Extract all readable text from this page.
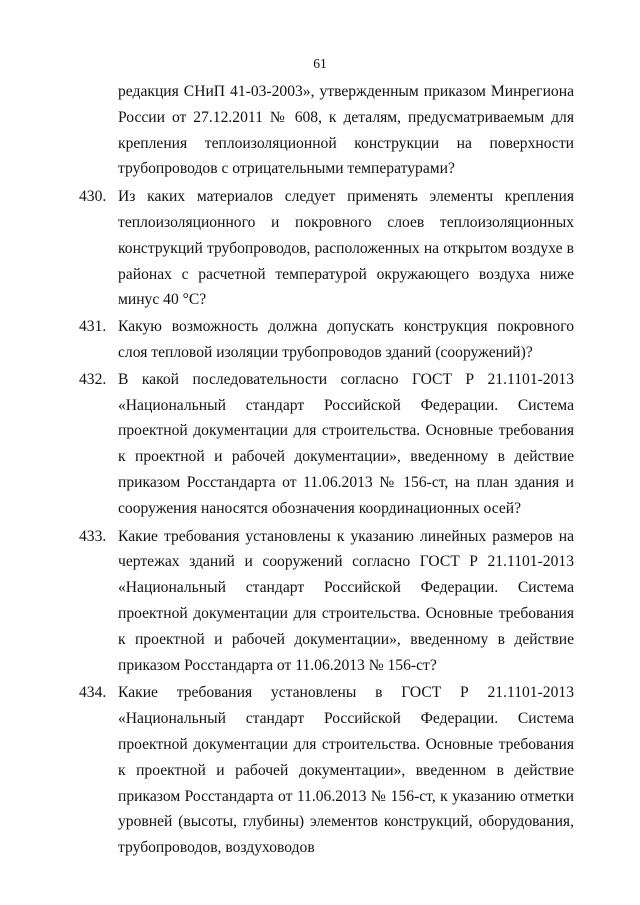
61

редакция СНиП 41-03-2003», утвержденным приказом Минрегиона России от 27.12.2011 № 608, к деталям, предусматриваемым для крепления теплоизоляционной конструкции на поверхности трубопроводов с отрицательными температурами?

430. Из каких материалов следует применять элементы крепления теплоизоляционного и покровного слоев теплоизоляционных конструкций трубопроводов, расположенных на открытом воздухе в районах с расчетной температурой окружающего воздуха ниже минус 40 °С?

431. Какую возможность должна допускать конструкция покровного слоя тепловой изоляции трубопроводов зданий (сооружений)?

432. В какой последовательности согласно ГОСТ Р 21.1101-2013 «Национальный стандарт Российской Федерации. Система проектной документации для строительства. Основные требования к проектной и рабочей документации», введенному в действие приказом Росстандарта от 11.06.2013 № 156-ст, на план здания и сооружения наносятся обозначения координационных осей?

433. Какие требования установлены к указанию линейных размеров на чертежах зданий и сооружений согласно ГОСТ Р 21.1101-2013 «Национальный стандарт Российской Федерации. Система проектной документации для строительства. Основные требования к проектной и рабочей документации», введенному в действие приказом Росстандарта от 11.06.2013 № 156-ст?

434. Какие требования установлены в ГОСТ Р 21.1101-2013 «Национальный стандарт Российской Федерации. Система проектной документации для строительства. Основные требования к проектной и рабочей документации», введенном в действие приказом Росстандарта от 11.06.2013 № 156-ст, к указанию отметки уровней (высоты, глубины) элементов конструкций, оборудования, трубопроводов, воздуховодов
